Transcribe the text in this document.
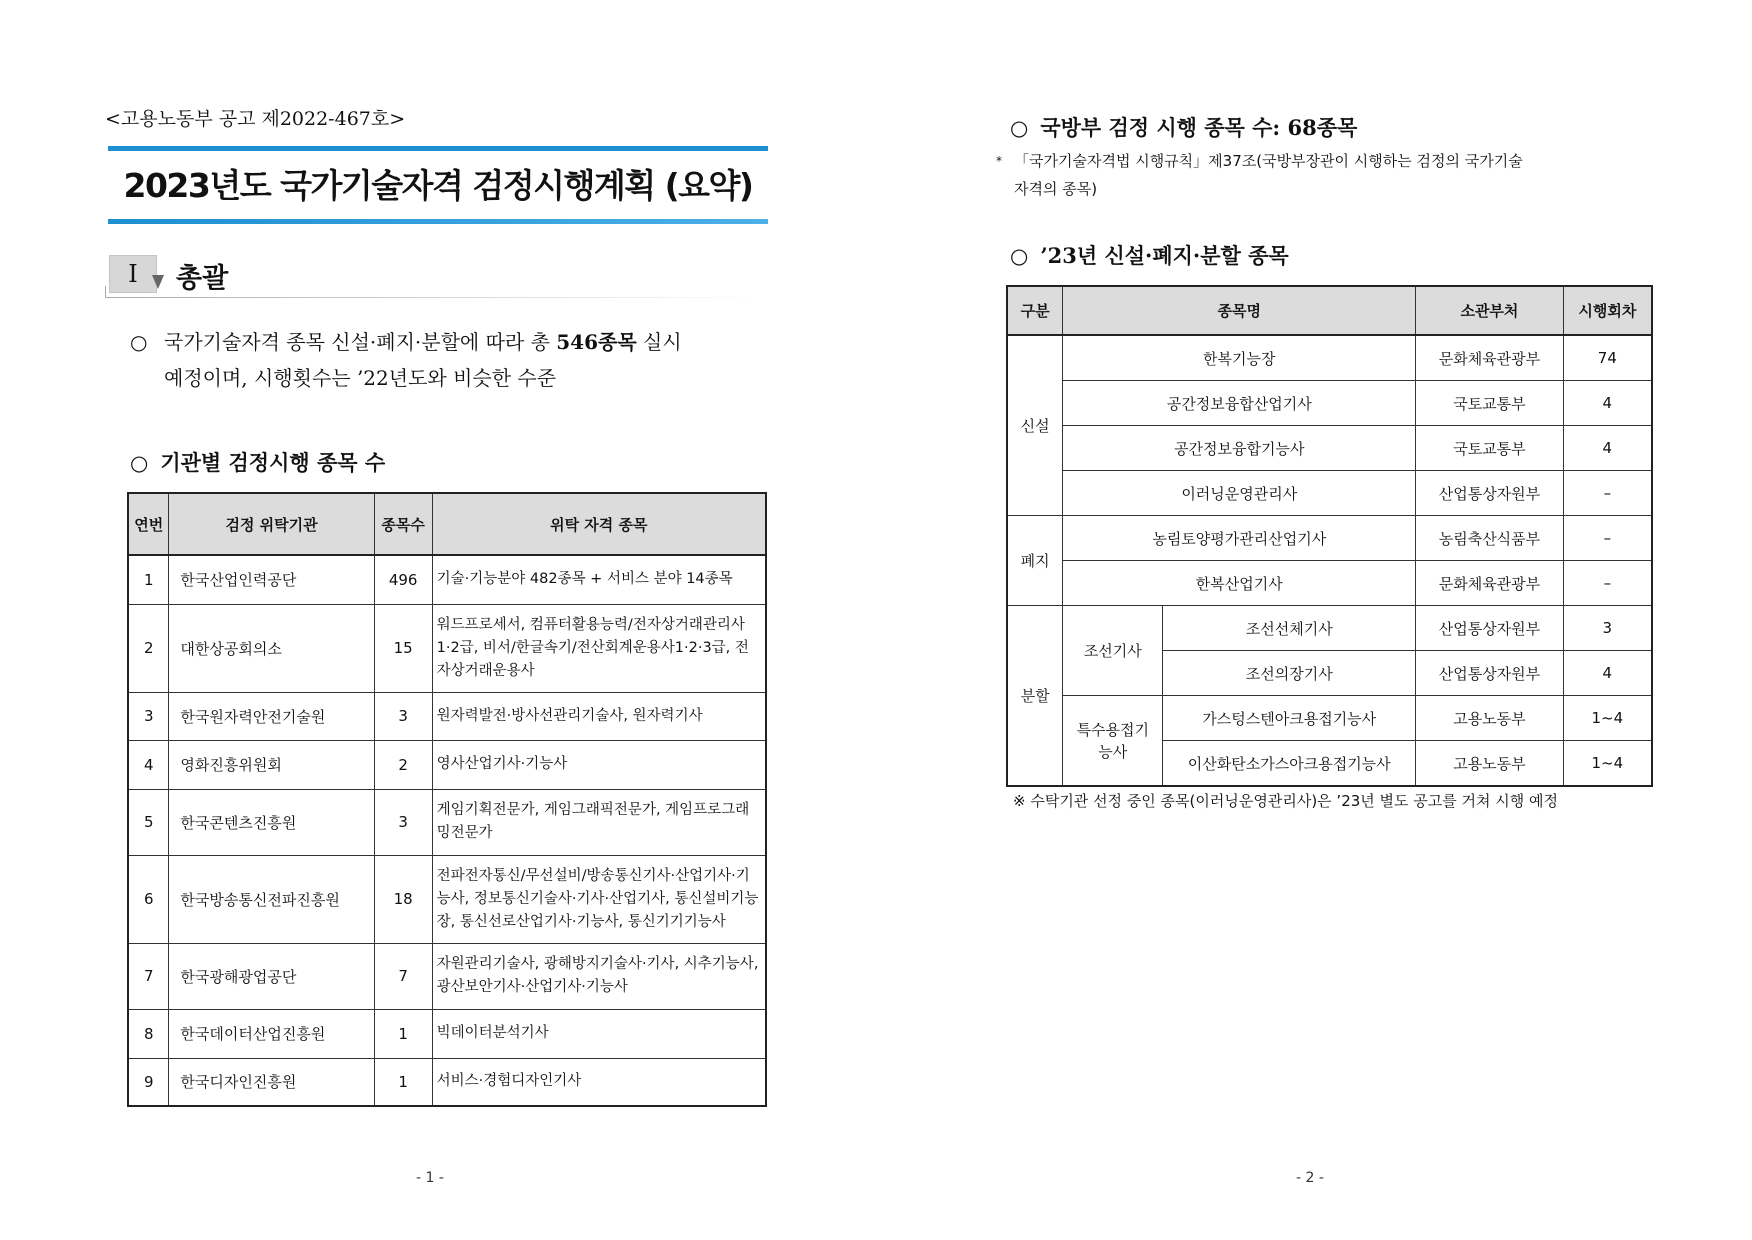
<고용노동부 공고 제2022-467호>
2023년도 국가기술자격 검정시행계획 (요약)
Ⅰ	총괄
○ 국가기술자격 종목 신설·폐지·분할에 따라 총 546종목 실시
예정이며, 시행횟수는 ’22년도와 비슷한 수준
○ 기관별 검정시행 종목 수
연번	검정 위탁기관	종목수	위탁 자격 종목
1	한국산업인력공단	496	기술·기능분야 482종목 + 서비스 분야 14종목
2	대한상공회의소	15	워드프로세서, 컴퓨터활용능력/전자상거래관리사1·2급, 비서/한글속기/전산회계운용사1·2·3급, 전자상거래운용사
3	한국원자력안전기술원	3	원자력발전·방사선관리기술사, 원자력기사
4	영화진흥위원회	2	영사산업기사·기능사
5	한국콘텐츠진흥원	3	게임기획전문가, 게임그래픽전문가, 게임프로그래밍전문가
6	한국방송통신전파진흥원	18	전파전자통신/무선설비/방송통신기사·산업기사·기능사, 정보통신기술사·기사·산업기사, 통신설비기능장, 통신선로산업기사·기능사, 통신기기기능사
7	한국광해광업공단	7	자원관리기술사, 광해방지기술사·기사, 시추기능사, 광산보안기사·산업기사·기능사
8	한국데이터산업진흥원	1	빅데이터분석기사
9	한국디자인진흥원	1	서비스·경험디자인기사
- 1 -
○ 국방부 검정 시행 종목 수: 68종목
* 「국가기술자격법 시행규칙」제37조(국방부장관이 시행하는 검정의 국가기술자격의 종목)
○ ’23년 신설·폐지·분할 종목
구분	종목명		소관부처	시행회차
신설	한복기능장		문화체육관광부	74
	공간정보융합산업기사		국토교통부	4
	공간정보융합기능사		국토교통부	4
	이러닝운영관리사		산업통상자원부	–
폐지	농림토양평가관리산업기사		농림축산식품부	–
	한복산업기사		문화체육관광부	–
분할	조선기사	조선선체기사	산업통상자원부	3
		조선의장기사	산업통상자원부	4

	특수용접기능사	가스텅스텐아크용접기능사	고용노동부	1~4
		이산화탄소가스아크용접기능사	고용노동부	1~4
※ 수탁기관 선정 중인 종목(이러닝운영관리사)은 ’23년 별도 공고를 거쳐 시행 예정
- 2 -
